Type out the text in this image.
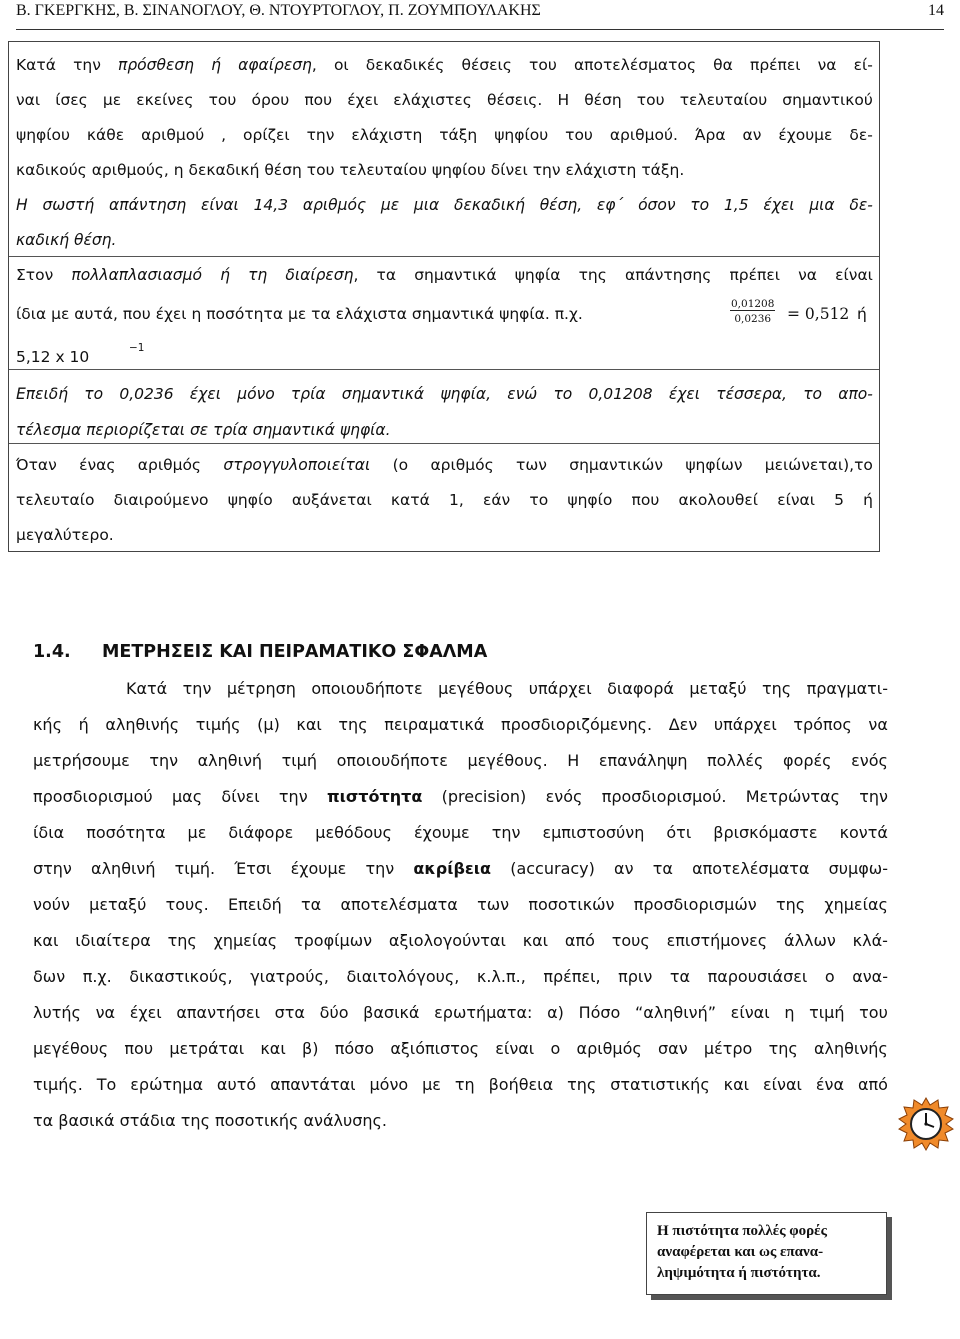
Β. ΓΚΕΡΓΚΗΣ, Β. ΣΙΝΑΝΟΓΛΟΥ, Θ. ΝΤΟΥΡΤΟΓΛΟΥ, Π. ΖΟΥΜΠΟΥΛΑΚΗΣ	14
Κατά την πρόσθεση ή αφαίρεση, οι δεκαδικές θέσεις του αποτελέσματος θα πρέπει να εί-
ναι ίσες με εκείνες του όρου που έχει ελάχιστες θέσεις. Η θέση του τελευταίου σημαντικού
ψηφίου κάθε αριθμού , ορίζει την ελάχιστη τάξη ψηφίου του αριθμού. Άρα αν έχουμε δε-
καδικούς αριθμούς, η δεκαδική θέση του τελευταίου ψηφίου δίνει την ελάχιστη τάξη.
Η σωστή απάντηση είναι 14,3 αριθμός με μια δεκαδική θέση, εφ΄ όσον το 1,5 έχει μια δε-
καδική θέση.
Στον πολλαπλασιασμό ή τη διαίρεση, τα σημαντικά ψηφία της απάντησης πρέπει να είναι
ίδια με αυτά, που έχει η ποσότητα με τα ελάχιστα σημαντικά ψηφία. π.χ.	$\frac{0,01208}{0,0236} = 0,512$ ή
5,12 x 10	−1
Επειδή το 0,0236 έχει μόνο τρία σημαντικά ψηφία, ενώ το 0,01208 έχει τέσσερα, το απο-
τέλεσμα περιορίζεται σε τρία σημαντικά ψηφία.
Όταν ένας αριθμός στρογγυλοποιείται (ο αριθμός των σημαντικών ψηφίων μειώνεται),το
τελευταίο διαιρούμενο ψηφίο αυξάνεται κατά 1, εάν το ψηφίο που ακολουθεί είναι 5 ή
μεγαλύτερο.
1.4. ΜΕΤΡΗΣΕΙΣ ΚΑΙ ΠΕΙΡΑΜΑΤΙΚΟ ΣΦΑΛΜΑ
Κατά την μέτρηση οποιουδήποτε μεγέθους υπάρχει διαφορά μεταξύ της πραγματι-
κής ή αληθινής τιμής (μ) και της πειραματικά προσδιοριζόμενης. Δεν υπάρχει τρόπος να
μετρήσουμε την αληθινή τιμή οποιουδήποτε μεγέθους. Η επανάληψη πολλές φορές ενός
προσδιορισμού μας δίνει την πιστότητα (precision) ενός προσδιορισμού. Μετρώντας την
ίδια ποσότητα με διάφορε μεθόδους έχουμε την εμπιστοσύνη ότι βρισκόμαστε κοντά
στην αληθινή τιμή. Έτσι έχουμε την ακρίβεια (accuracy) αν τα αποτελέσματα συμφω-
νούν μεταξύ τους. Επειδή τα αποτελέσματα των ποσοτικών προσδιορισμών της χημείας
και ιδιαίτερα της χημείας τροφίμων αξιολογούνται και από τους επιστήμονες άλλων κλά-
δων π.χ. δικαστικούς, γιατρούς, διαιτολόγους, κ.λ.π., πρέπει, πριν τα παρουσιάσει ο ανα-
λυτής να έχει απαντήσει στα δύο βασικά ερωτήματα: α) Πόσο “αληθινή” είναι η τιμή του
μεγέθους που μετράται και β) πόσο αξιόπιστος είναι ο αριθμός σαν μέτρο της αληθινής
τιμής. Το ερώτημα αυτό απαντάται μόνο με τη βοήθεια της στατιστικής και είναι ένα από
τα βασικά στάδια της ποσοτικής ανάλυσης.
Η πιστότητα πολλές φορές
αναφέρεται και ως επανα-
ληψιμότητα ή πιστότητα.
